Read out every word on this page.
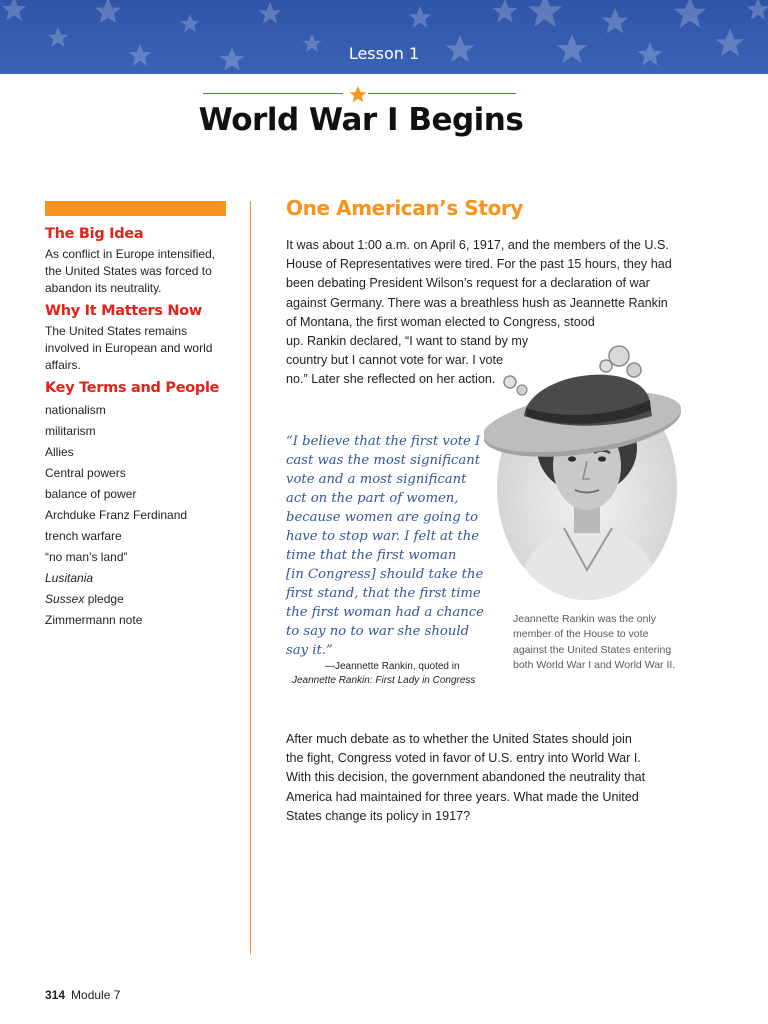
Lesson 1
World War I Begins
The Big Idea
As conflict in Europe intensified, the United States was forced to abandon its neutrality.
Why It Matters Now
The United States remains involved in European and world affairs.
Key Terms and People
nationalism
militarism
Allies
Central powers
balance of power
Archduke Franz Ferdinand
trench warfare
“no man’s land”
Lusitania
Sussex pledge
Zimmermann note
One American’s Story
It was about 1:00 a.m. on April 6, 1917, and the members of the U.S.
House of Representatives were tired. For the past 15 hours, they had
been debating President Wilson’s request for a declaration of war
against Germany. There was a breathless hush as Jeannette Rankin
of Montana, the first woman elected to Congress, stood
up. Rankin declared, “I want to stand by my
country but I cannot vote for war. I vote
no.” Later she reflected on her action.
“I believe that the first vote I
cast was the most significant
vote and a most significant
act on the part of women,
because women are going to
have to stop war. I felt at the
time that the first woman
[in Congress] should take the
first stand, that the first time
the first woman had a chance
to say no to war she should
say it.”
—Jeannette Rankin, quoted in
Jeannette Rankin: First Lady in Congress
Jeannette Rankin was the only
member of the House to vote
against the United States entering
both World War I and World War II.
After much debate as to whether the United States should join
the fight, Congress voted in favor of U.S. entry into World War I.
With this decision, the government abandoned the neutrality that
America had maintained for three years. What made the United
States change its policy in 1917?
314 Module 7
